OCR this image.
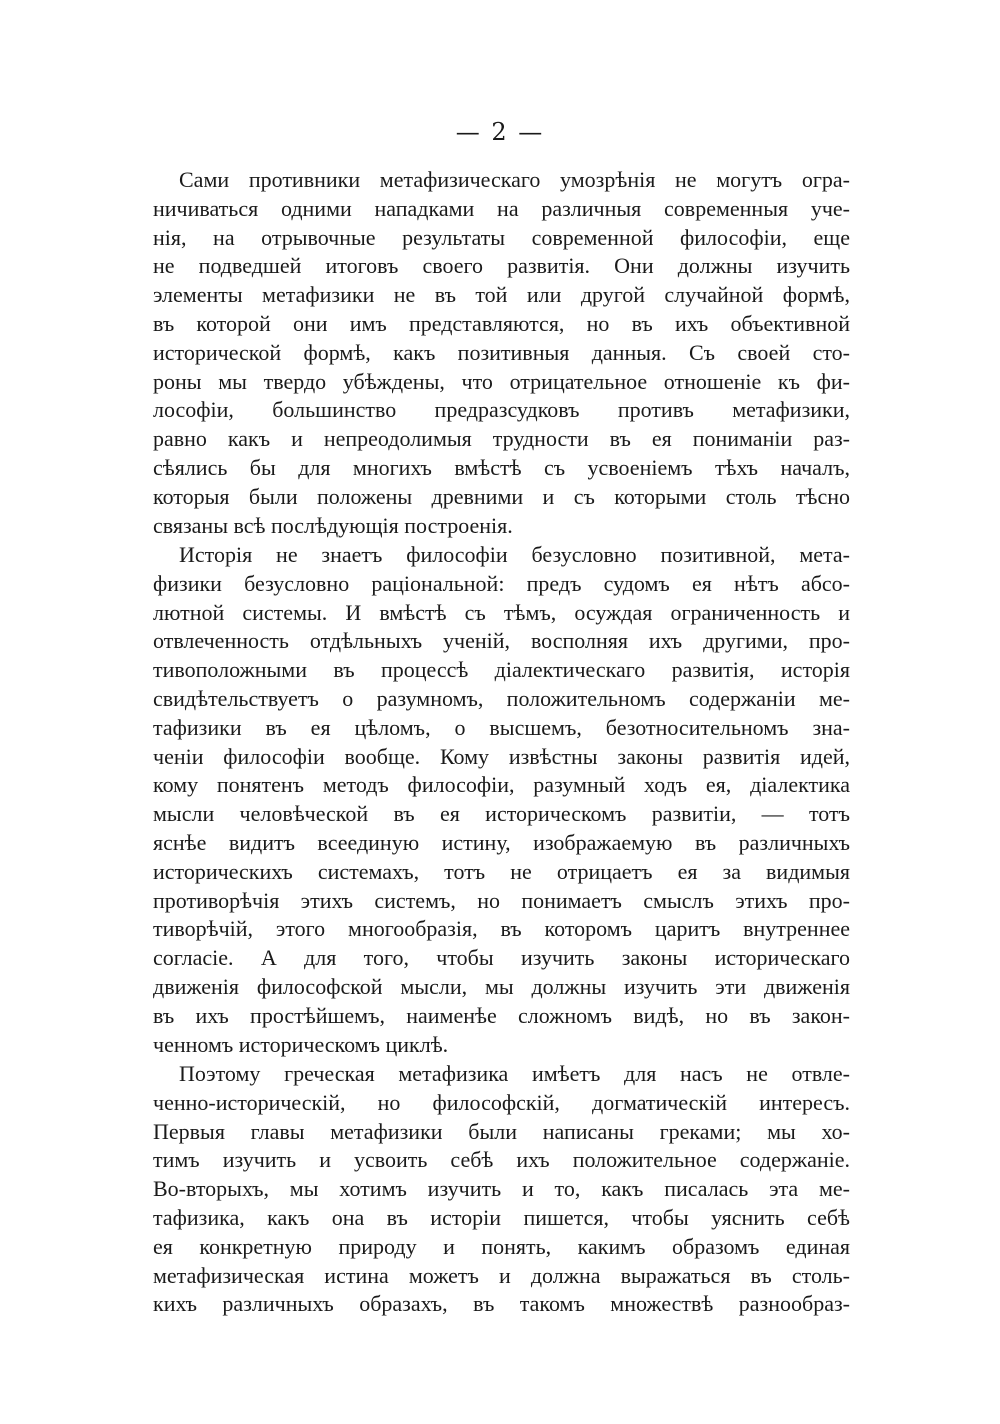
— 2 —
Сами противники метафизическаго умозрѣнія не могутъ огра-
ничиваться одними нападками на различныя современныя уче-
нія, на отрывочные результаты современной философіи, еще
не подведшей итоговъ своего развитія. Они должны изучить
элементы метафизики не въ той или другой случайной формѣ,
въ которой они имъ представляются, но въ ихъ объективной
исторической формѣ, какъ позитивныя данныя. Съ своей сто-
роны мы твердо убѣждены, что отрицательное отношеніе къ фи-
лософіи, большинство предразсудковъ противъ метафизики,
равно какъ и непреодолимыя трудности въ ея пониманіи раз-
сѣялись бы для многихъ вмѣстѣ съ усвоеніемъ тѣхъ началъ,
которыя были положены древними и съ которыми столь тѣсно
связаны всѣ послѣдующія построенія.
Исторія не знаетъ философіи безусловно позитивной, мета-
физики безусловно раціональной: предъ судомъ ея нѣтъ абсо-
лютной системы. И вмѣстѣ съ тѣмъ, осуждая ограниченность и
отвлеченность отдѣльныхъ ученій, восполняя ихъ другими, про-
тивоположными въ процессѣ діалектическаго развитія, исторія
свидѣтельствуетъ о разумномъ, положительномъ содержаніи ме-
тафизики въ ея цѣломъ, о высшемъ, безотносительномъ зна-
ченіи философіи вообще. Кому извѣстны законы развитія идей,
кому понятенъ методъ философіи, разумный ходъ ея, діалектика
мысли человѣческой въ ея историческомъ развитіи, — тотъ
яснѣе видитъ всеединую истину, изображаемую въ различныхъ
историческихъ системахъ, тотъ не отрицаетъ ея за видимыя
противорѣчія этихъ системъ, но понимаетъ смыслъ этихъ про-
тиворѣчій, этого многообразія, въ которомъ царитъ внутреннее
согласіе. А для того, чтобы изучить законы историческаго
движенія философской мысли, мы должны изучить эти движенія
въ ихъ простѣйшемъ, наименѣе сложномъ видѣ, но въ закон-
ченномъ историческомъ циклѣ.
Поэтому греческая метафизика имѣетъ для насъ не отвле-
ченно-историческій, но философскій, догматическій интересъ.
Первыя главы метафизики были написаны греками; мы хо-
тимъ изучить и усвоить себѣ ихъ положительное содержаніе.
Во-вторыхъ, мы хотимъ изучить и то, какъ писалась эта ме-
тафизика, какъ она въ исторіи пишется, чтобы уяснить себѣ
ея конкретную природу и понять, какимъ образомъ единая
метафизическая истина можетъ и должна выражаться въ столь-
кихъ различныхъ образахъ, въ такомъ множествѣ разнообраз-
